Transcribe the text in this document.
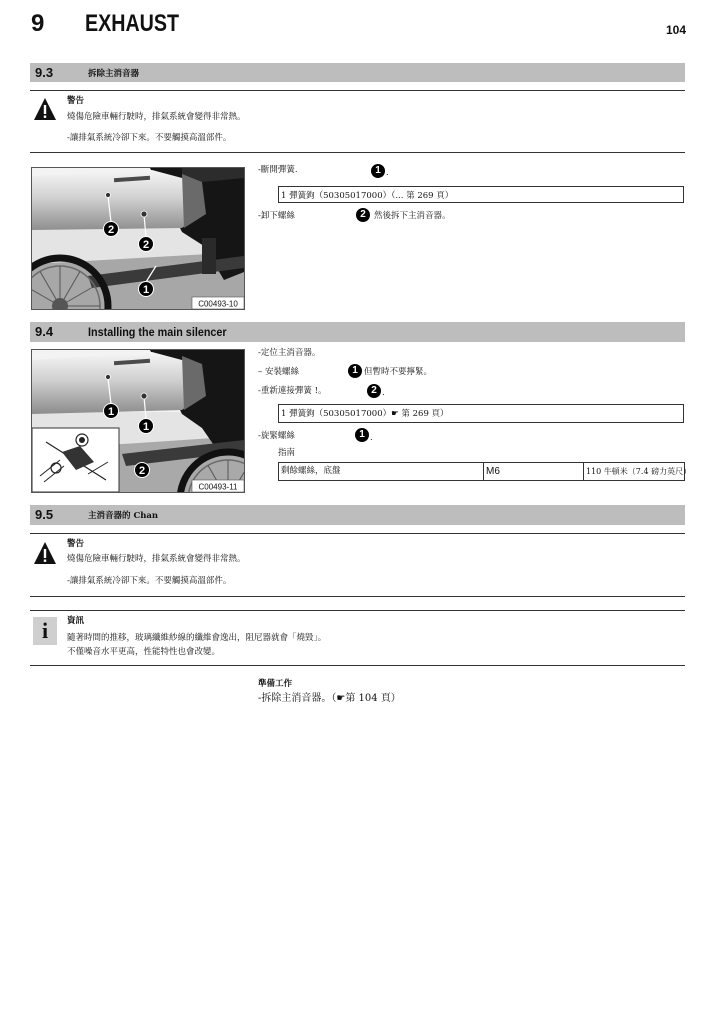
9 EXHAUST	104
9.3	拆除主消音器
警告
燒傷危險車輛行駛時，排氣系統會變得非常熱。
-讓排氣系統冷卻下來。不要觸摸高溫部件。
2
2
1
C00493-10
-斷開彈簧.	1 .
1 彈簧鉤（50305017000）（... 第 269 頁）
-卸下螺絲	2 然後拆下主消音器。
9.4	Installing the main silencer
1
1
2
C00493-11
-定位主消音器。
– 安裝螺絲	1 但暫時不要擰緊。
-重新連接彈簧 !。	2 .
1 彈簧鉤（50305017000）☛ 第 269 頁）
-旋緊螺絲	1 .
指南
剩餘螺絲，底盤	M6	110 牛頓米（7.4 磅力英尺）
9.5	主消音器的 Chan
警告
燒傷危險車輛行駛時，排氣系統會變得非常熱。
-讓排氣系統冷卻下來。不要觸摸高溫部件。
i	資訊
隨著時間的推移，玻璃纖維紗線的纖維會逸出，阻尼器就會「燒毀」。
不僅噪音水平更高，性能特性也會改變。
準備工作
-拆除主消音器。（☛第 104 頁）
